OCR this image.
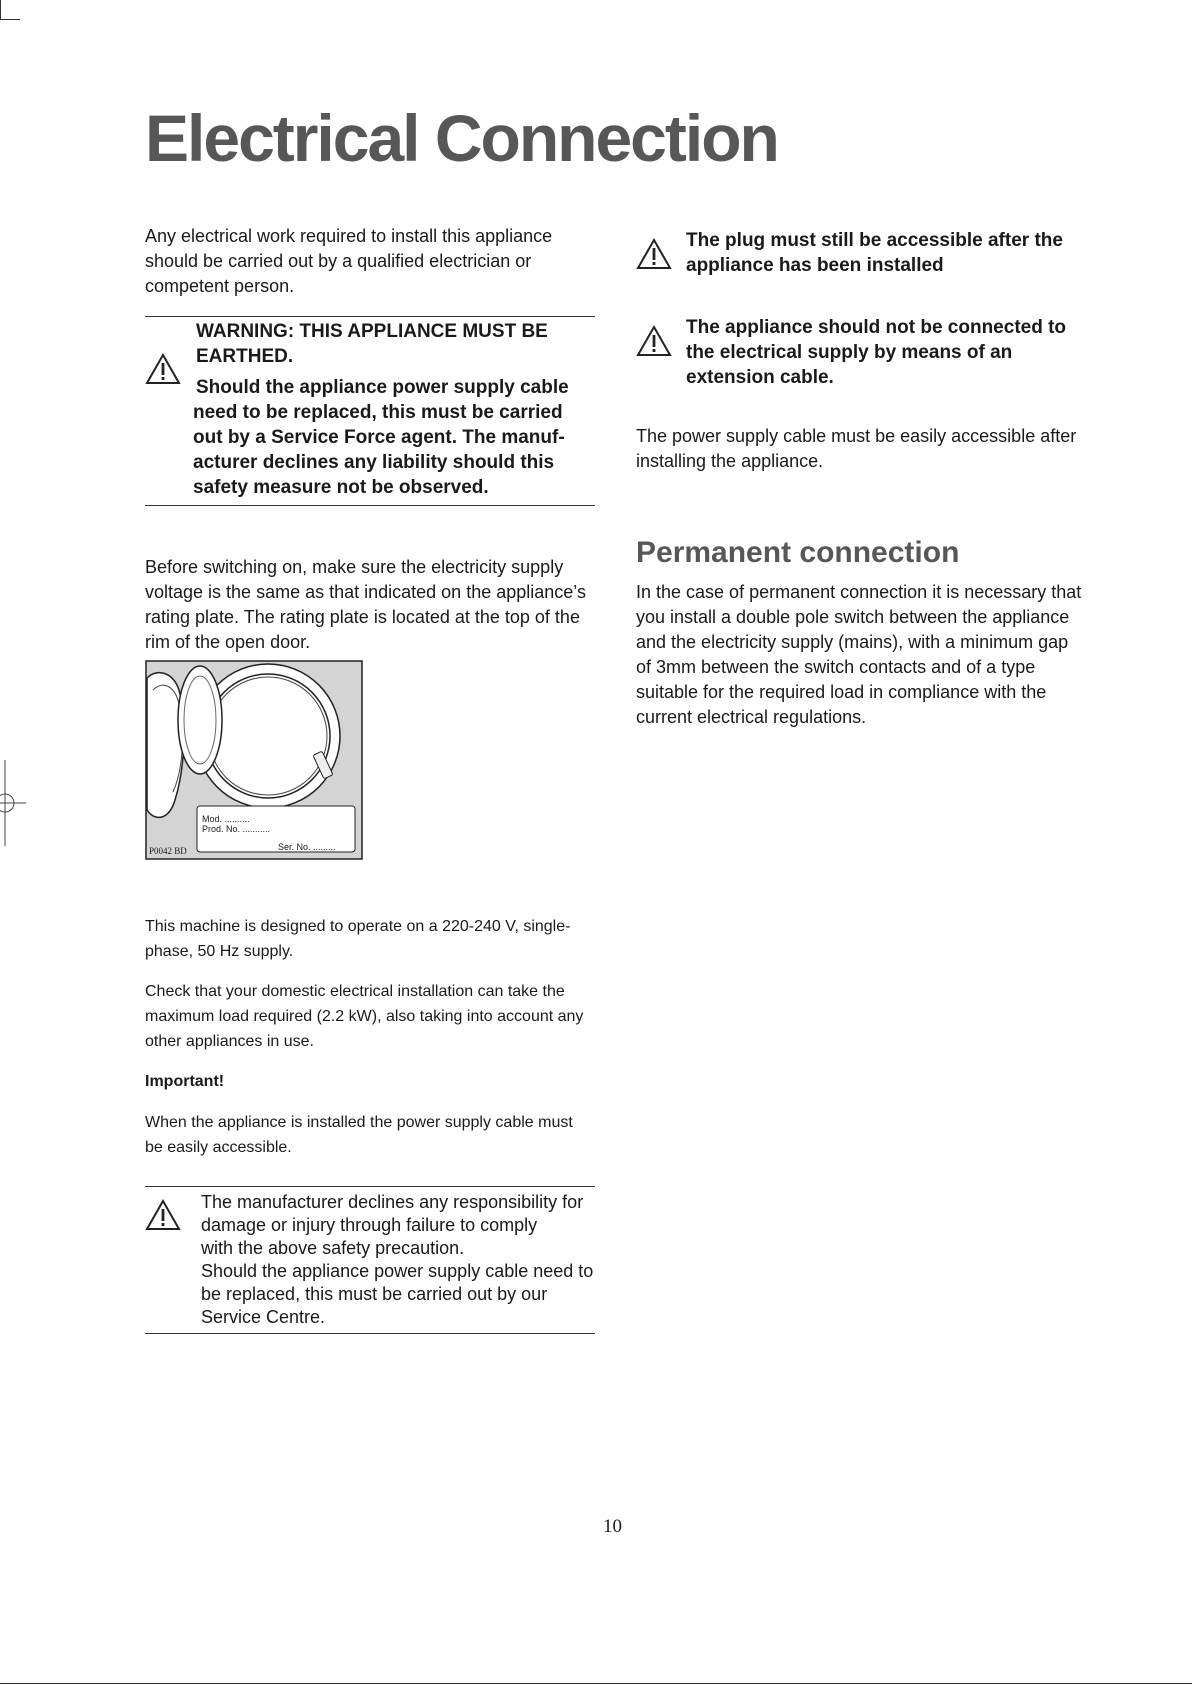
Electrical Connection

Any electrical work required to install this appliance should be carried out by a qualified electrician or competent person.

WARNING: THIS APPLIANCE MUST BE EARTHED.

Should the appliance power supply cable

need to be replaced, this must be carried

out by a Service Force agent. The manuf-

acturer declines any liability should this

safety measure not be observed.

Before switching on, make sure the electricity supply voltage is the same as that indicated on the appliance’s rating plate. The rating plate is located at the top of the rim of the open door.

Mod. ..........
Prod. No. ...........
Ser. No. .........
P0042 BD

This machine is designed to operate on a 220-240 V, single-phase, 50 Hz supply.

Check that your domestic electrical installation can take the maximum load required (2.2 kW), also taking into account any other appliances in use.

Important!

When the appliance is installed the power supply cable must be easily accessible.

The manufacturer declines any responsibility for

damage or injury through failure to comply

with the above safety precaution.

Should the appliance power supply cable need to

be replaced, this must be carried out by our

Service Centre.

The plug must still be accessible after the appliance has been installed

The appliance should not be connected to the electrical supply by means of an extension cable.

The power supply cable must be easily accessible after installing the appliance.

Permanent connection

In the case of permanent connection it is necessary that you install a double pole switch between the appliance and the electricity supply (mains), with a minimum gap of 3mm between the switch contacts and of a type suitable for the required load in compliance with the current electrical regulations.

10
